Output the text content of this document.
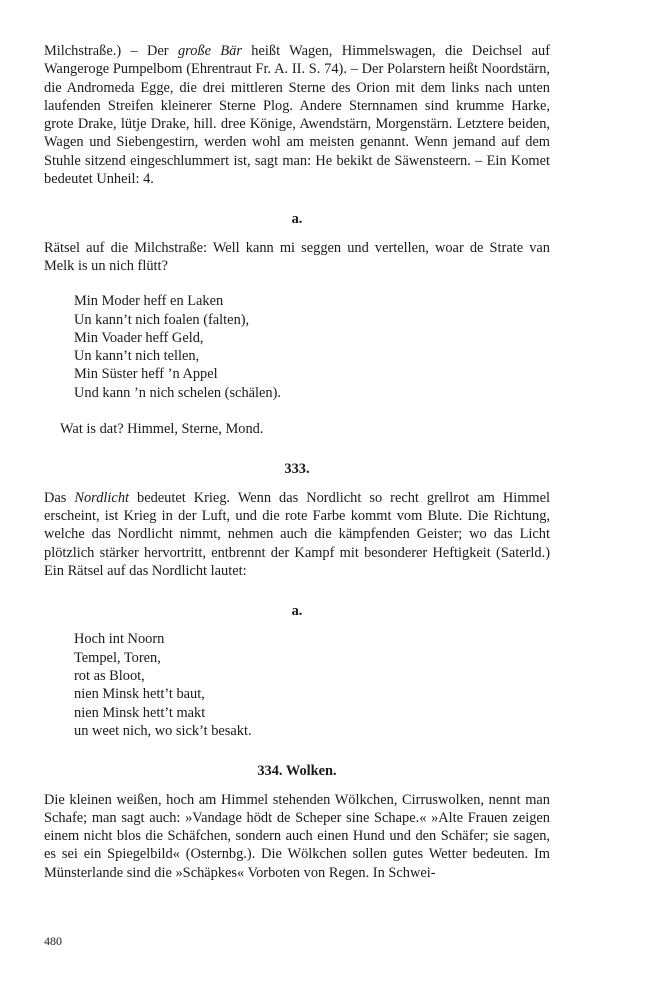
Milchstraße.) – Der große Bär heißt Wagen, Himmelswagen, die Deichsel auf Wangeroge Pumpelbom (Ehrentraut Fr. A. II. S. 74). – Der Polarstern heißt Noordstärn, die Andromeda Egge, die drei mittleren Sterne des Orion mit dem links nach unten laufenden Streifen kleinerer Sterne Plog. Andere Sternnamen sind krumme Harke, grote Drake, lütje Drake, hill. dree Könige, Awendstärn, Morgenstärn. Letztere beiden, Wagen und Siebengestirn, werden wohl am meisten genannt. Wenn jemand auf dem Stuhle sitzend eingeschlummert ist, sagt man: He bekikt de Säwensteern. – Ein Komet bedeutet Unheil: 4.

a.

Rätsel auf die Milchstraße: Well kann mi seggen und vertellen, woar de Strate van Melk is un nich flütt?

Min Moder heff en Laken
Un kann’t nich foalen (falten),
Min Voader heff Geld,
Un kann’t nich tellen,
Min Süster heff ’n Appel
Und kann ’n nich schelen (schälen).

Wat is dat? Himmel, Sterne, Mond.

333.

Das Nordlicht bedeutet Krieg. Wenn das Nordlicht so recht grellrot am Himmel erscheint, ist Krieg in der Luft, und die rote Farbe kommt vom Blute. Die Richtung, welche das Nordlicht nimmt, nehmen auch die kämpfenden Geister; wo das Licht plötzlich stärker hervortritt, entbrennt der Kampf mit besonderer Heftigkeit (Saterld.) Ein Rätsel auf das Nordlicht lautet:

a.

Hoch int Noorn
Tempel, Toren,
rot as Bloot,
nien Minsk hett’t baut,
nien Minsk hett’t makt
un weet nich, wo sick’t besakt.

334. Wolken.

Die kleinen weißen, hoch am Himmel stehenden Wölkchen, Cirruswolken, nennt man Schafe; man sagt auch: »Vandage hödt de Scheper sine Schape.« »Alte Frauen zeigen einem nicht blos die Schäfchen, sondern auch einen Hund und den Schäfer; sie sagen, es sei ein Spiegelbild« (Osternbg.). Die Wölkchen sollen gutes Wetter bedeuten. Im Münsterlande sind die »Schäpkes« Vorboten von Regen. In Schwei-

480
